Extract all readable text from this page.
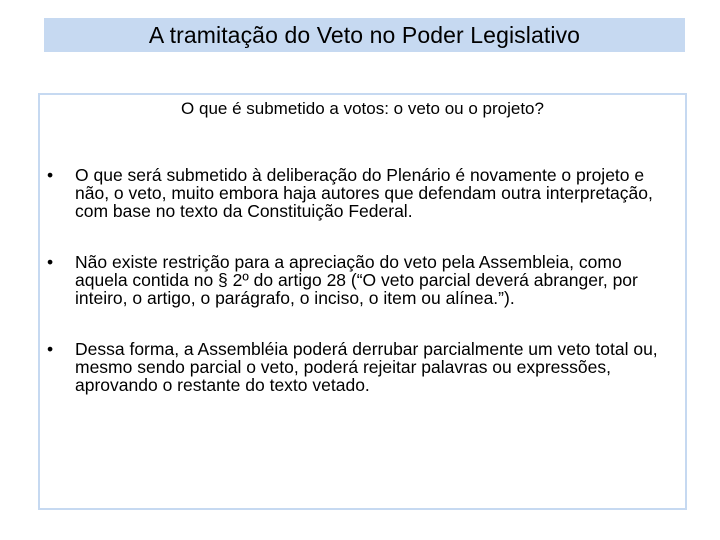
A tramitação do Veto no Poder Legislativo
O que é submetido a votos: o veto ou o projeto?
• O que será submetido à deliberação do Plenário é novamente o projeto e não, o veto, muito embora haja autores que defendam outra interpretação, com base no texto da Constituição Federal.
• Não existe restrição para a apreciação do veto pela Assembleia, como aquela contida no § 2º do artigo 28 (“O veto parcial deverá abranger, por inteiro, o artigo, o parágrafo, o inciso, o item ou alínea.”).
• Dessa forma, a Assembléia poderá derrubar parcialmente um veto total ou, mesmo sendo parcial o veto, poderá rejeitar palavras ou expressões, aprovando o restante do texto vetado.
